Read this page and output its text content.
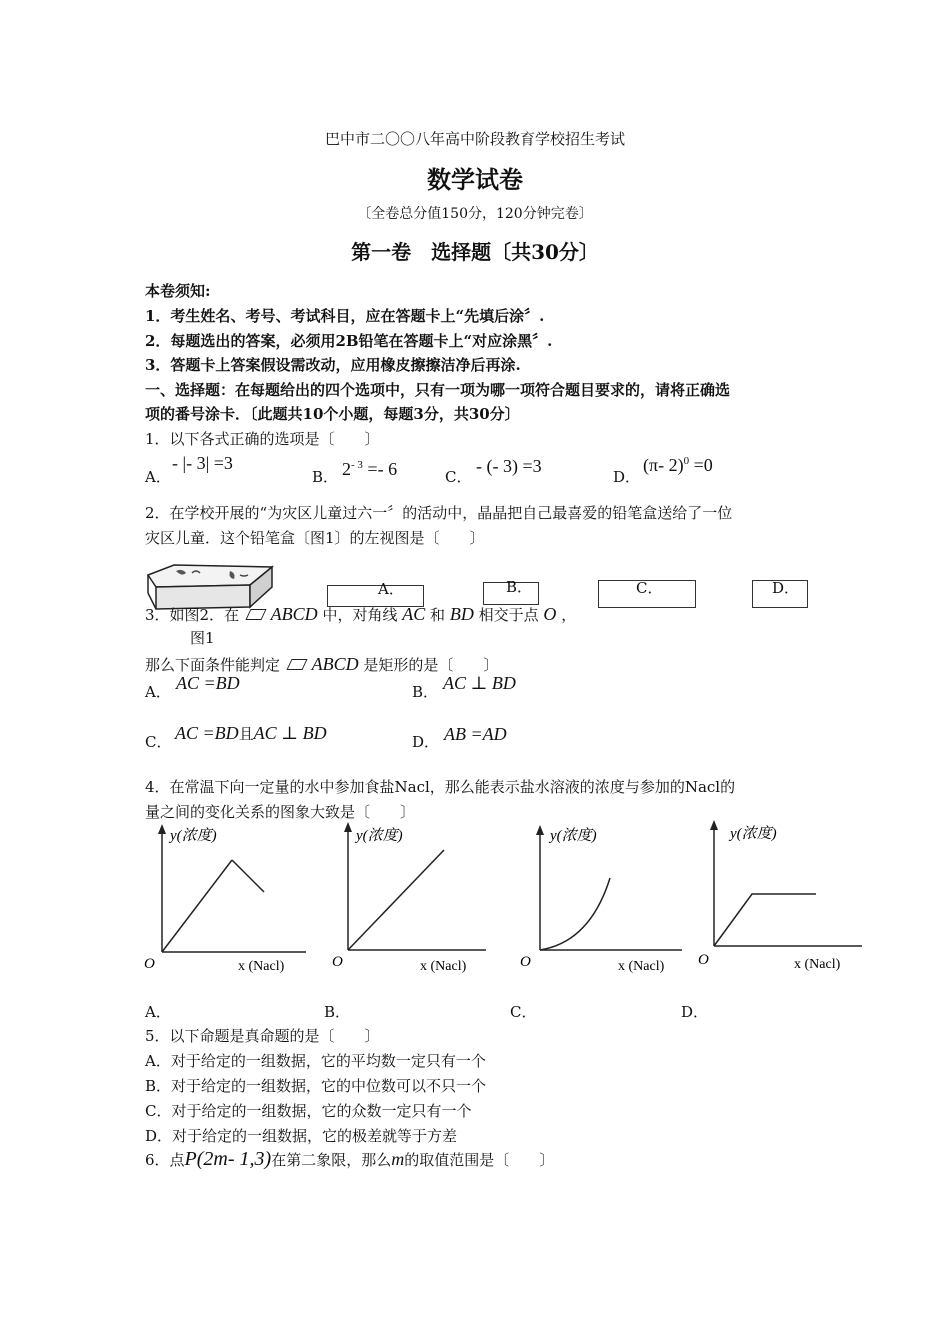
巴中市二〇〇八年高中阶段教育学校招生考试
数学试卷
〔全卷总分值150分，120分钟完卷〕
第一卷　选择题〔共30分〕
本卷须知:
1．考生姓名、考号、考试科目，应在答题卡上“先填后涂〞.
2．每题选出的答案，必须用2B铅笔在答题卡上“对应涂黑〞.
3．答题卡上答案假设需改动，应用橡皮擦擦洁净后再涂.
一、选择题：在每题给出的四个选项中，只有一项为哪一项符合题目要求的，请将正确选
项的番号涂卡．〔此题共10个小题，每题3分，共30分〕
1．以下各式正确的选项是〔　　〕
A．
- |- 3| =3
B． $2^{- 3} =- 6$	C．
- (- 3) =3
D．
(π- 2)$^0$ =0
2．在学校开展的“为灾区儿童过六一〞的活动中，晶晶把自己最喜爱的铅笔盒送给了一位
灾区儿童．这个铅笔盒〔图1〕的左视图是〔　　〕
A．	B．	C．	D．
3．如图2．在 ABCD 中，对角线 AC 和 BD 相交于点 O ，
图1
那么下面条件能判定 ABCD 是矩形的是〔　　〕
A． AC =BD	B． AC ⊥ BD
C． AC =BD且AC ⊥ BD	D． AB =AD
4．在常温下向一定量的水中参加食盐Nacl，那么能表示盐水溶液的浓度与参加的Nacl的
量之间的变化关系的图象大致是〔　　〕
y(浓度)
O	x (Nacl)
y(浓度)
O	x (Nacl)
y(浓度)
O	x (Nacl)
y(浓度)
O	x (Nacl)
A．	B．	C．	D．
5．以下命题是真命题的是〔　　〕
A．对于给定的一组数据，它的平均数一定只有一个
B．对于给定的一组数据，它的中位数可以不只一个
C．对于给定的一组数据，它的众数一定只有一个
D．对于给定的一组数据，它的极差就等于方差
6．点P(2m- 1,3)在第二象限，那么m的取值范围是〔　　〕
